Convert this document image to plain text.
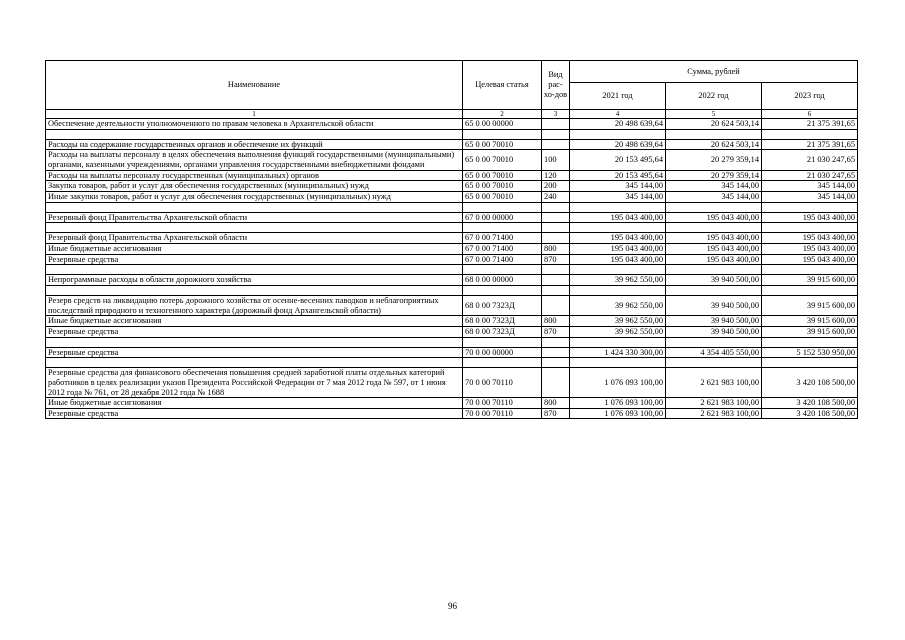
Наименование	Целевая статья	Вид рас-хо-дов	Сумма, рублей		
			2021 год	2022 год	2023 год
1	2	3	4	5	6
Обеспечение деятельности уполномоченного по правам человека в Архангельской области	65 0 00 00000		20 498 639,64	20 624 503,14	21 375 391,65

Расходы на содержание государственных органов и обеспечение их функций	65 0 00 70010		20 498 639,64	20 624 503,14	21 375 391,65
Расходы на выплаты персоналу в целях обеспечения выполнения функций государственными (муниципальными) органами, казенными учреждениями, органами управления государственными внебюджетными фондами	65 0 00 70010	100	20 153 495,64	20 279 359,14	21 030 247,65
Расходы на выплаты персоналу государственных (муниципальных) органов	65 0 00 70010	120	20 153 495,64	20 279 359,14	21 030 247,65
Закупка товаров, работ и услуг для обеспечения государственных (муниципальных) нужд	65 0 00 70010	200	345 144,00	345 144,00	345 144,00
Иные закупки товаров, работ и услуг для обеспечения государственных (муниципальных) нужд	65 0 00 70010	240	345 144,00	345 144,00	345 144,00

Резервный фонд Правительства Архангельской области	67 0 00 00000		195 043 400,00	195 043 400,00	195 043 400,00

Резервный фонд Правительства Архангельской области	67 0 00 71400		195 043 400,00	195 043 400,00	195 043 400,00
Иные бюджетные ассигнования	67 0 00 71400	800	195 043 400,00	195 043 400,00	195 043 400,00
Резервные средства	67 0 00 71400	870	195 043 400,00	195 043 400,00	195 043 400,00

Непрограммные расходы в области дорожного хозяйства	68 0 00 00000		39 962 550,00	39 940 500,00	39 915 600,00

Резерв средств на ликвидацию потерь дорожного хозяйства от осенне-весенних паводков и неблагоприятных последствий природного и техногенного характера (дорожный фонд Архангельской области)	68 0 00 7323Д		39 962 550,00	39 940 500,00	39 915 600,00
Иные бюджетные ассигнования	68 0 00 7323Д	800	39 962 550,00	39 940 500,00	39 915 600,00
Резервные средства	68 0 00 7323Д	870	39 962 550,00	39 940 500,00	39 915 600,00

Резервные средства	70 0 00 00000		1 424 330 300,00	4 354 405 550,00	5 152 530 950,00

Резервные средства для финансового обеспечения повышения средней заработной платы отдельных категорий работников в целях реализации указов Президента Российской Федерации от 7 мая 2012 года № 597, от 1 июня 2012 года № 761, от 28 декабря 2012 года № 1688	70 0 00 70110		1 076 093 100,00	2 621 983 100,00	3 420 108 500,00
Иные бюджетные ассигнования	70 0 00 70110	800	1 076 093 100,00	2 621 983 100,00	3 420 108 500,00
Резервные средства	70 0 00 70110	870	1 076 093 100,00	2 621 983 100,00	3 420 108 500,00
96
